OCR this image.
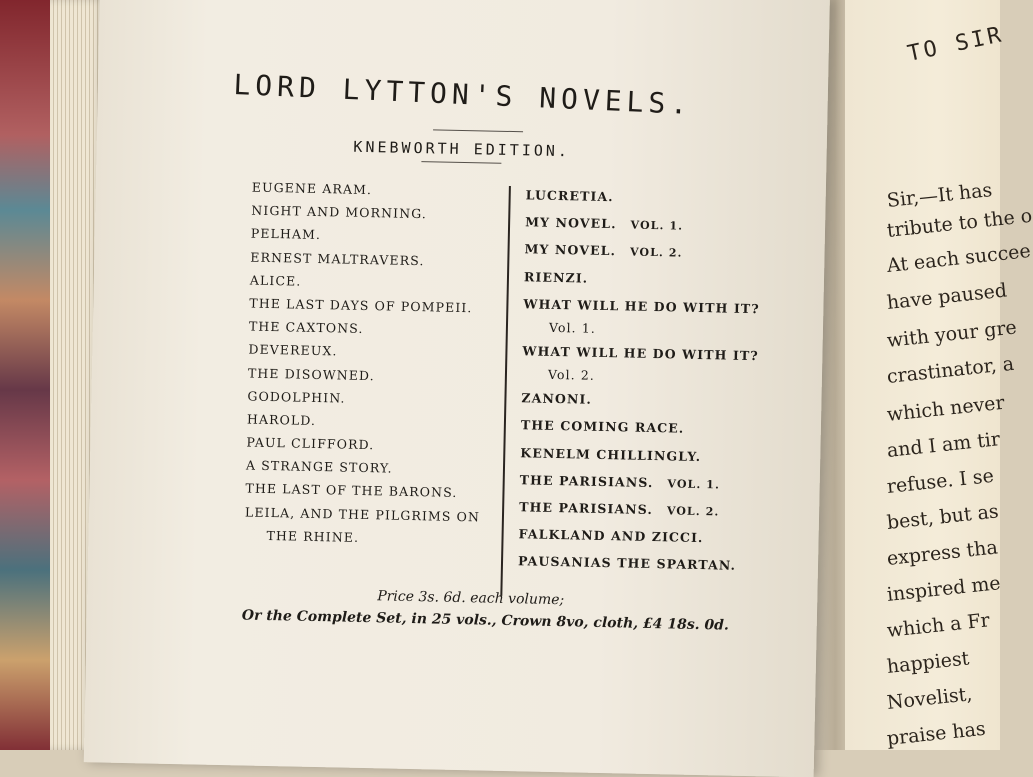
TO SIR
Sir,—It has
tribute to the o
At each succee
have paused
with your gre
crastinator, a
which never
and I am tir
refuse. I se
best, but as
express tha
inspired me
which a Fr
happiest
Novelist,
praise has
LORD LYTTON'S NOVELS.
KNEBWORTH EDITION.
EUGENE ARAM.
NIGHT AND MORNING.
PELHAM.
ERNEST MALTRAVERS.
ALICE.
THE LAST DAYS OF POMPEII.
THE CAXTONS.
DEVEREUX.
THE DISOWNED.
GODOLPHIN.
HAROLD.
PAUL CLIFFORD.
A STRANGE STORY.
THE LAST OF THE BARONS.
LEILA, AND THE PILGRIMS ON
THE RHINE.
LUCRETIA.
MY NOVEL. VOL. 1.
MY NOVEL. VOL. 2.
RIENZI.
WHAT WILL HE DO WITH IT?
Vol. 1.
WHAT WILL HE DO WITH IT?
Vol. 2.
ZANONI.
THE COMING RACE.
KENELM CHILLINGLY.
THE PARISIANS. VOL. 1.
THE PARISIANS. VOL. 2.
FALKLAND AND ZICCI.
PAUSANIAS THE SPARTAN.
Price 3s. 6d. each volume;
Or the Complete Set, in 25 vols., Crown 8vo, cloth, £4 18s. 0d.
